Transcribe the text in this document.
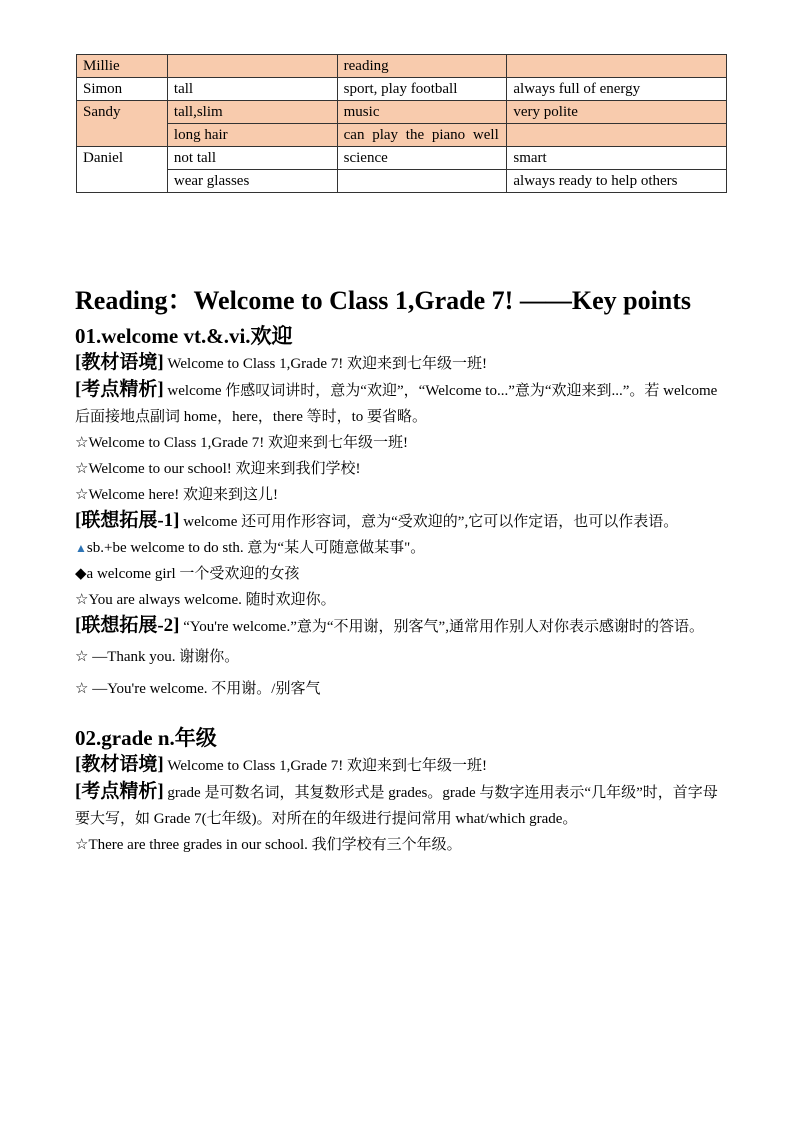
Millie		reading	
Simon	tall	sport, play football	always full of energy
Sandy	tall,slim	music	very polite
	long hair	can play the piano well	
Daniel	not tall	science	smart
	wear glasses		always ready to help others

Reading：Welcome to Class 1,Grade 7! ——Key points

01.welcome vt.&.vi.欢迎

[教材语境] Welcome to Class 1,Grade 7! 欢迎来到七年级一班!

[考点精析] welcome 作感叹词讲时，意为“欢迎”，“Welcome to...”意为“欢迎来到...”。若 welcome 后面接地点副词 home，here，there 等时，to 要省略。

☆Welcome to Class 1,Grade 7! 欢迎来到七年级一班!

☆Welcome to our school! 欢迎来到我们学校!

☆Welcome here! 欢迎来到这儿!

[联想拓展-1] welcome 还可用作形容词，意为“受欢迎的”,它可以作定语，也可以作表语。

▲sb.+be welcome to do sth. 意为“某人可随意做某事"。

◆a welcome girl 一个受欢迎的女孩

☆You are always welcome. 随时欢迎你。

[联想拓展-2] “You're welcome.”意为“不用谢，别客气”,通常用作别人对你表示感谢时的答语。

☆ —Thank you. 谢谢你。

☆ —You're welcome. 不用谢。/别客气

02.grade n.年级

[教材语境] Welcome to Class 1,Grade 7! 欢迎来到七年级一班!

[考点精析] grade 是可数名词，其复数形式是 grades。grade 与数字连用表示“几年级”时，首字母要大写，如 Grade 7(七年级)。对所在的年级进行提问常用 what/which grade。

☆There are three grades in our school. 我们学校有三个年级。
